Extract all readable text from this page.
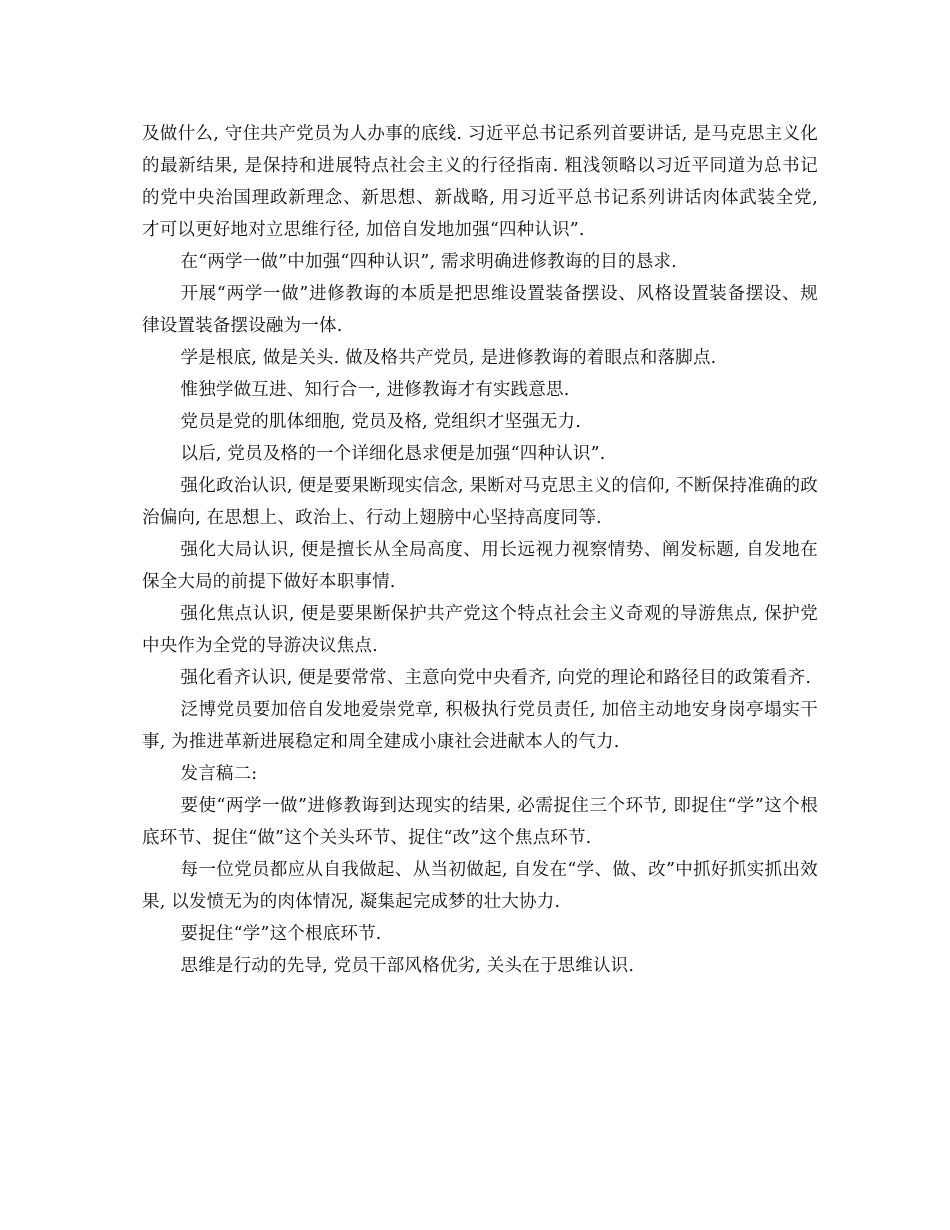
及做什么, 守住共产党员为人办事的底线. 习近平总书记系列首要讲话, 是马克思主义化的最新结果, 是保持和进展特点社会主义的行径指南. 粗浅领略以习近平同道为总书记的党中央治国理政新理念、新思想、新战略, 用习近平总书记系列讲话肉体武装全党, 才可以更好地对立思维行径, 加倍自发地加强“四种认识”.

在“两学一做”中加强“四种认识”, 需求明确进修教诲的目的恳求.

开展“两学一做”进修教诲的本质是把思维设置装备摆设、风格设置装备摆设、规律设置装备摆设融为一体.

学是根底, 做是关头. 做及格共产党员, 是进修教诲的着眼点和落脚点.

惟独学做互进、知行合一, 进修教诲才有实践意思.

党员是党的肌体细胞, 党员及格, 党组织才坚强无力.

以后, 党员及格的一个详细化恳求便是加强“四种认识”.

强化政治认识, 便是要果断现实信念, 果断对马克思主义的信仰, 不断保持准确的政治偏向, 在思想上、政治上、行动上翅膀中心坚持高度同等.

强化大局认识, 便是擅长从全局高度、用长远视力视察情势、阐发标题, 自发地在保全大局的前提下做好本职事情.

强化焦点认识, 便是要果断保护共产党这个特点社会主义奇观的导游焦点, 保护党中央作为全党的导游决议焦点.

强化看齐认识, 便是要常常、主意向党中央看齐, 向党的理论和路径目的政策看齐.

泛博党员要加倍自发地爱崇党章, 积极执行党员责任, 加倍主动地安身岗亭塌实干事, 为推进革新进展稳定和周全建成小康社会进献本人的气力.

发言稿二:

要使“两学一做”进修教诲到达现实的结果, 必需捉住三个环节, 即捉住“学”这个根底环节、捉住“做”这个关头环节、捉住“改”这个焦点环节.

每一位党员都应从自我做起、从当初做起, 自发在“学、做、改”中抓好抓实抓出效果, 以发愤无为的肉体情况, 凝集起完成梦的壮大协力.

要捉住“学”这个根底环节.

思维是行动的先导, 党员干部风格优劣, 关头在于思维认识.
